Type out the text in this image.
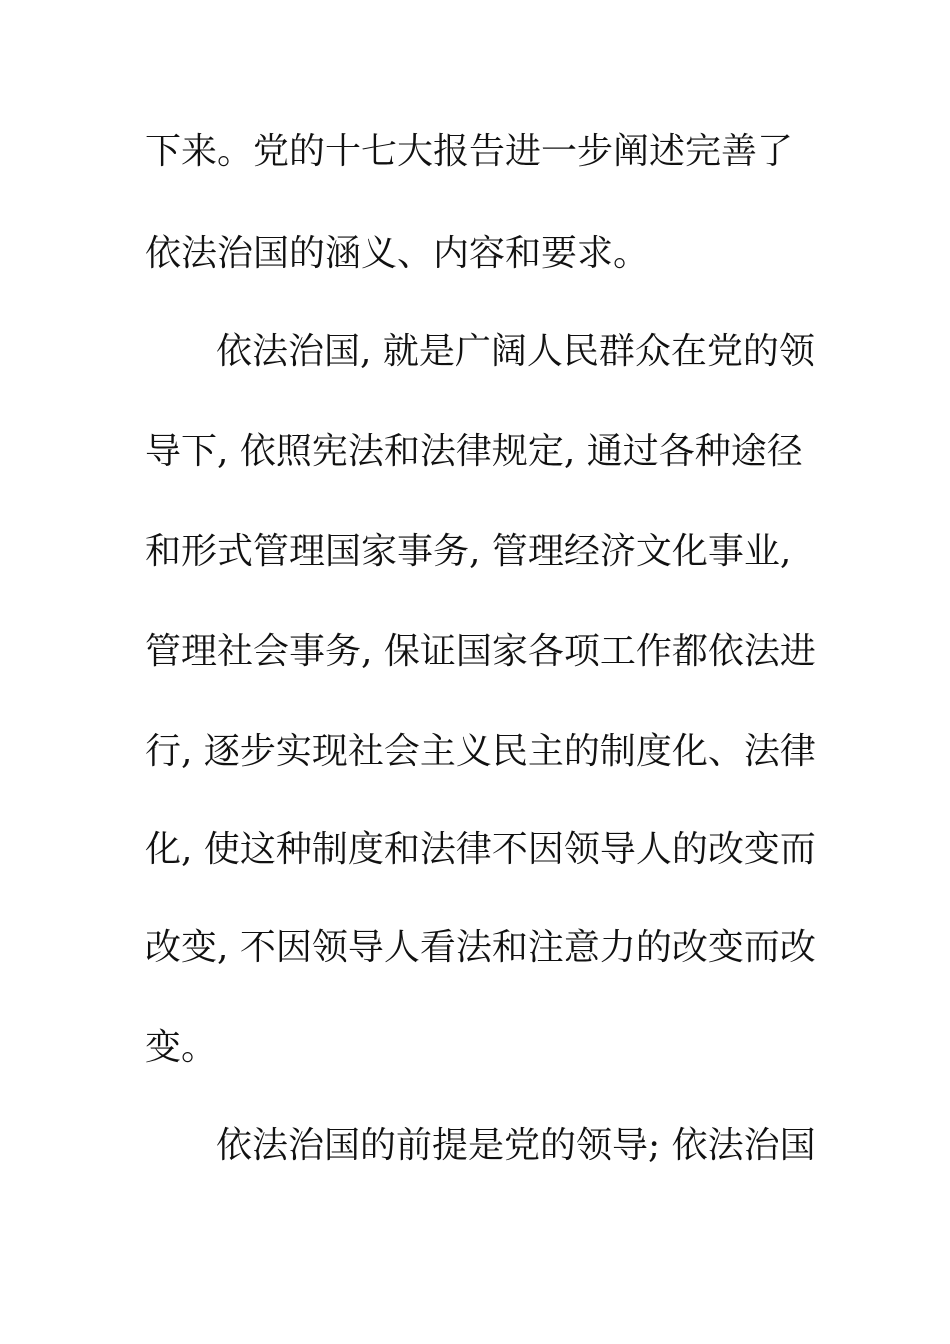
下来。党的十七大报告进一步阐述完善了
依法治国的涵义、内容和要求。
依法治国, 就是广阔人民群众在党的领
导下, 依照宪法和法律规定, 通过各种途径
和形式管理国家事务, 管理经济文化事业,
管理社会事务, 保证国家各项工作都依法进
行, 逐步实现社会主义民主的制度化、法律
化, 使这种制度和法律不因领导人的改变而
改变, 不因领导人看法和注意力的改变而改
变。
依法治国的前提是党的领导; 依法治国
